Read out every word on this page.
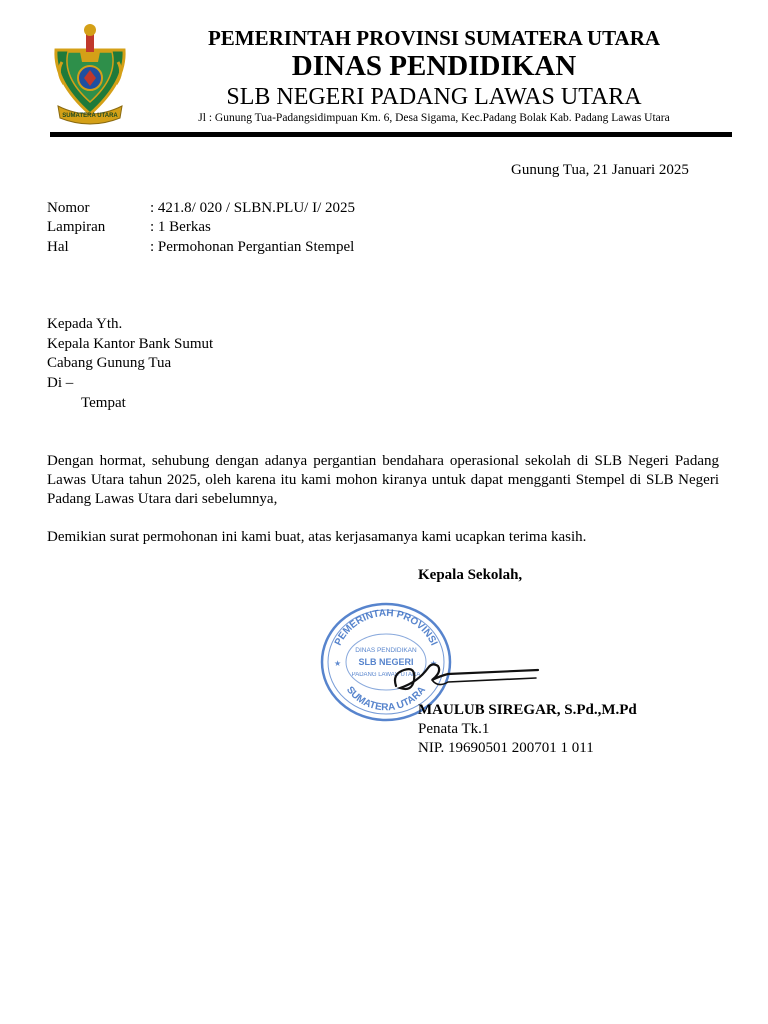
SUMATERA UTARA
PEMERINTAH PROVINSI SUMATERA UTARA
DINAS PENDIDIKAN
SLB NEGERI PADANG LAWAS UTARA
Jl : Gunung Tua-Padangsidimpuan Km. 6, Desa Sigama, Kec.Padang Bolak Kab. Padang Lawas Utara
Gunung Tua, 21 Januari 2025
Nomor	: 421.8/ 020 / SLBN.PLU/ I/ 2025
Lampiran	: 1 Berkas
Hal	: Permohonan Pergantian Stempel
Kepada Yth.
Kepala Kantor Bank Sumut
Cabang Gunung Tua
Di –
Tempat
Dengan hormat, sehubung dengan adanya pergantian bendahara operasional sekolah di SLB Negeri Padang Lawas Utara tahun 2025, oleh karena itu kami mohon kiranya untuk dapat mengganti Stempel di SLB Negeri Padang Lawas Utara dari sebelumnya,
Demikian surat permohonan ini kami buat, atas kerjasamanya kami ucapkan terima kasih.
Kepala Sekolah,
PEMERINTAH PROVINSI
SUMATERA UTARA
DINAS PENDIDIKAN
SLB NEGERI
PADANG LAWAS UTARA
★	★
MAULUB SIREGAR, S.Pd.,M.Pd
Penata Tk.1
NIP. 19690501 200701 1 011
